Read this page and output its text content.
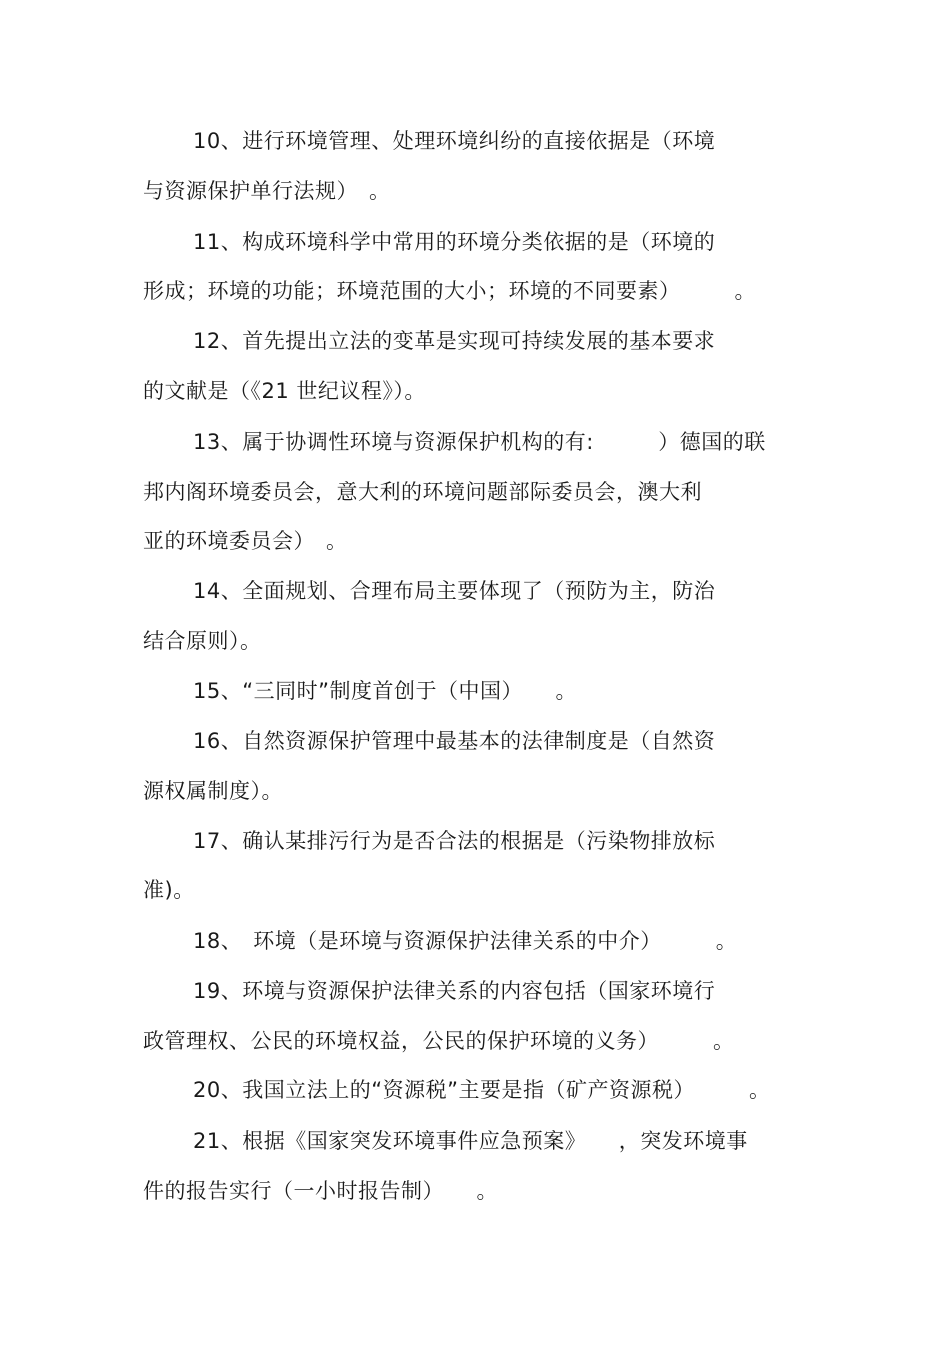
10、进行环境管理、处理环境纠纷的直接依据是（环境
与资源保护单行法规）　。
11、构成环境科学中常用的环境分类依据的是（环境的
形成；环境的功能；环境范围的大小；环境的不同要素）　　　。
12、首先提出立法的变革是实现可持续发展的基本要求
的文献是（《21 世纪议程》）。
13、属于协调性环境与资源保护机构的有:　　　）德国的联
邦内阁环境委员会，意大利的环境问题部际委员会，澳大利
亚的环境委员会）　。
14、全面规划、合理布局主要体现了（预防为主，防治
结合原则）。
15、“三同时”制度首创于（中国）　　。
16、自然资源保护管理中最基本的法律制度是（自然资
源权属制度）。
17、确认某排污行为是否合法的根据是（污染物排放标
准)。
18、　环境（是环境与资源保护法律关系的中介）　　　。
19、环境与资源保护法律关系的内容包括（国家环境行
政管理权、公民的环境权益，公民的保护环境的义务）　　　。
20、我国立法上的“资源税”主要是指（矿产资源税）　　　。
21、根据《国家突发环境事件应急预案》　　，突发环境事
件的报告实行（一小时报告制）　　。
